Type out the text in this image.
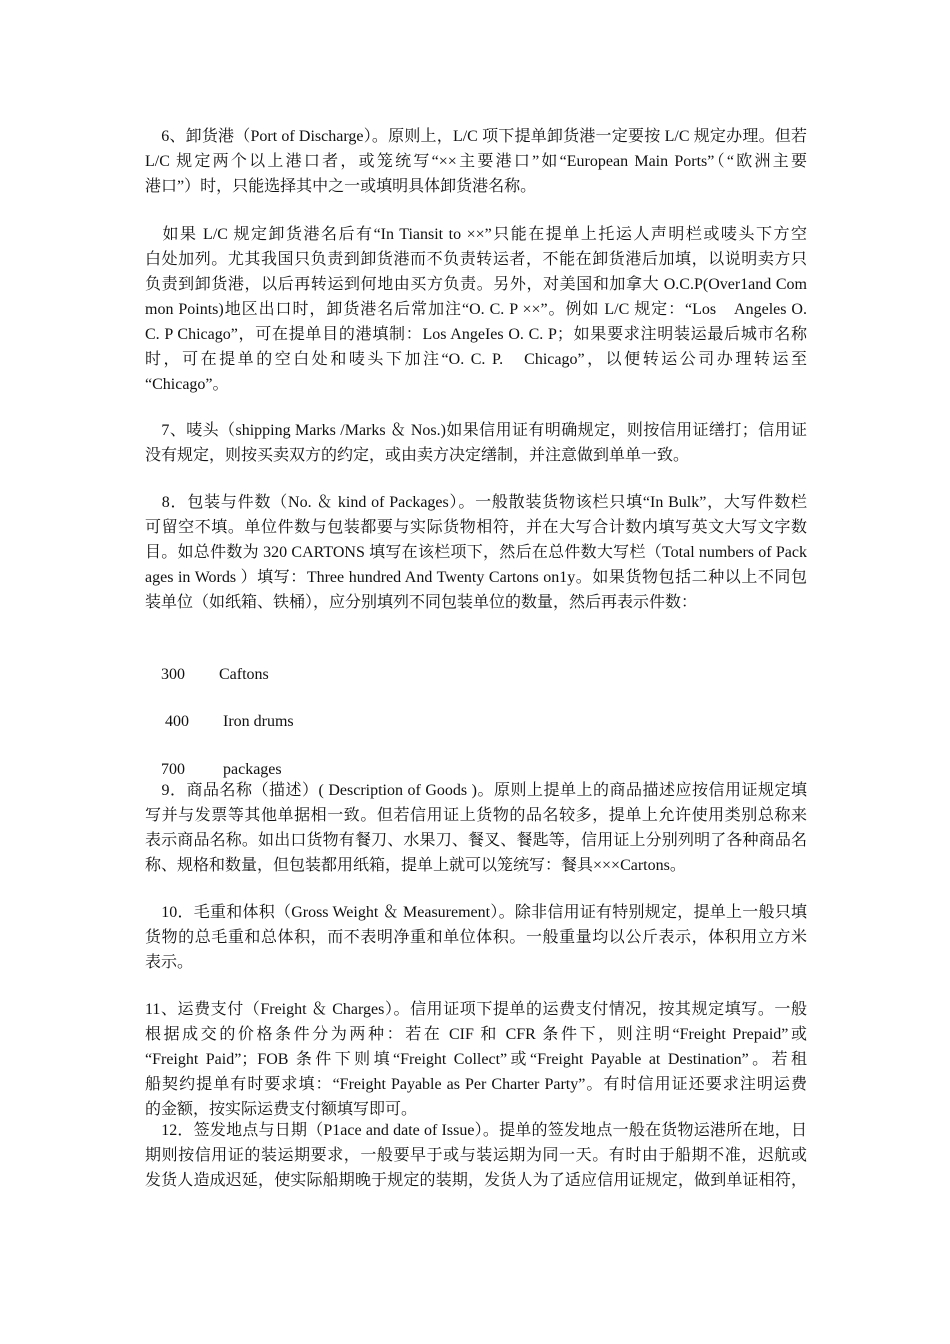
　6、卸货港（Port of Discharge）。原则上，L/C 项下提单卸货港一定要按 L/C 规定办理。但若
L/C 规定两个以上港口者，或笼统写“××主要港口”如“European Main Ports”（“欧洲主要
港口”）时，只能选择其中之一或填明具体卸货港名称。
　如果 L/C 规定卸货港名后有“In Tiansit to ××”只能在提单上托运人声明栏或唛头下方空
白处加列。尤其我国只负责到卸货港而不负责转运者，不能在卸货港后加填，以说明卖方只
负责到卸货港，以后再转运到何地由买方负责。另外，对美国和加拿大 O.C.P(Over1and Com
mon Points)地区出口时，卸货港名后常加注“O. C. P ××”。例如 L/C 规定：“Los　Angeles O.
C. P Chicago”，可在提单目的港填制：Los AngeIes O. C. P；如果要求注明装运最后城市名称
时，可在提单的空白处和唛头下加注“O. C. P.　Chicago”，以便转运公司办理转运至
“Chicago”。
　7、唛头（shipping Marks /Marks ＆ Nos.)如果信用证有明确规定，则按信用证缮打；信用证
没有规定，则按买卖双方的约定，或由卖方决定缮制，并注意做到单单一致。
　8．包装与件数（No. ＆ kind of Packages）。一般散装货物该栏只填“In Bulk”，大写件数栏
可留空不填。单位件数与包装都要与实际货物相符，并在大写合计数内填写英文大写文字数
目。如总件数为 320 CARTONS 填写在该栏项下，然后在总件数大写栏（Total numbers of Pack
ages in Words ）填写：Three hundred And Twenty Cartons on1y。如果货物包括二种以上不同包
装单位（如纸箱、铁桶），应分别填列不同包装单位的数量，然后再表示件数：

300 Caftons

400 Iron drums

700 packages

　9．商品名称（描述）( Description of Goods )。原则上提单上的商品描述应按信用证规定填
写并与发票等其他单据相一致。但若信用证上货物的品名较多，提单上允许使用类别总称来
表示商品名称。如出口货物有餐刀、水果刀、餐叉、餐匙等，信用证上分别列明了各种商品名
称、规格和数量，但包装都用纸箱，提单上就可以笼统写：餐具×××Cartons。
　10．毛重和体积（Gross Weight ＆ Measurement）。除非信用证有特别规定，提单上一般只填
货物的总毛重和总体积，而不表明净重和单位体积。一般重量均以公斤表示，体积用立方米
表示。
11、运费支付（Freight ＆ Charges）。信用证项下提单的运费支付情况，按其规定填写。一般
根据成交的价格条件分为两种：若在 CIF 和 CFR 条件下，则注明“Freight Prepaid”或
“Freight Paid”；FOB 条件下则填“Freight Collect”或“Freight Payable at Destination”。若租
船契约提单有时要求填：“Freight Payable as Per Charter Party”。有时信用证还要求注明运费
的金额，按实际运费支付额填写即可。
　12．签发地点与日期（P1ace and date of Issue）。提单的签发地点一般在货物运港所在地，日
期则按信用证的装运期要求，一般要早于或与装运期为同一天。有时由于船期不准，迟航或
发货人造成迟延，使实际船期晚于规定的装期，发货人为了适应信用证规定，做到单证相符，
